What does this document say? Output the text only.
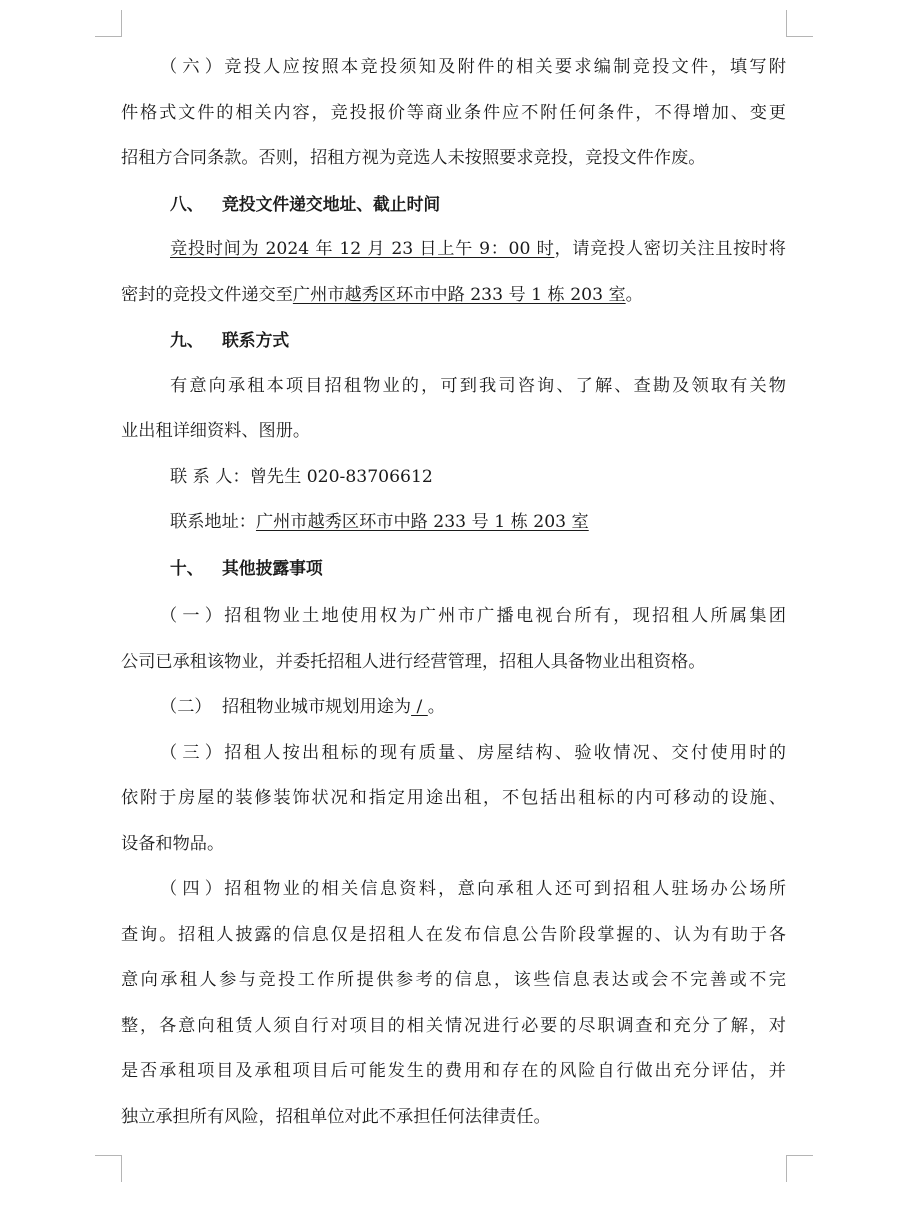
（六）竞投人应按照本竞投须知及附件的相关要求编制竞投文件，填写附
件格式文件的相关内容，竞投报价等商业条件应不附任何条件，不得增加、变更
招租方合同条款。否则，招租方视为竞选人未按照要求竞投，竞投文件作废。
八、 竞投文件递交地址、截止时间
竞投时间为 2024 年 12 月 23 日上午 9：00 时，请竞投人密切关注且按时将
密封的竞投文件递交至广州市越秀区环市中路 233 号 1 栋 203 室。
九、 联系方式
有意向承租本项目招租物业的，可到我司咨询、了解、查勘及领取有关物
业出租详细资料、图册。
联 系 人：曾先生 020-83706612
联系地址：广州市越秀区环市中路 233 号 1 栋 203 室
十、 其他披露事项
（一）招租物业土地使用权为广州市广播电视台所有，现招租人所属集团
公司已承租该物业，并委托招租人进行经营管理，招租人具备物业出租资格。
（二） 招租物业城市规划用途为 / 。
（三）招租人按出租标的现有质量、房屋结构、验收情况、交付使用时的
依附于房屋的装修装饰状况和指定用途出租，不包括出租标的内可移动的设施、
设备和物品。
（四）招租物业的相关信息资料，意向承租人还可到招租人驻场办公场所
查询。招租人披露的信息仅是招租人在发布信息公告阶段掌握的、认为有助于各
意向承租人参与竞投工作所提供参考的信息，该些信息表达或会不完善或不完
整，各意向租赁人须自行对项目的相关情况进行必要的尽职调查和充分了解，对
是否承租项目及承租项目后可能发生的费用和存在的风险自行做出充分评估，并
独立承担所有风险，招租单位对此不承担任何法律责任。
